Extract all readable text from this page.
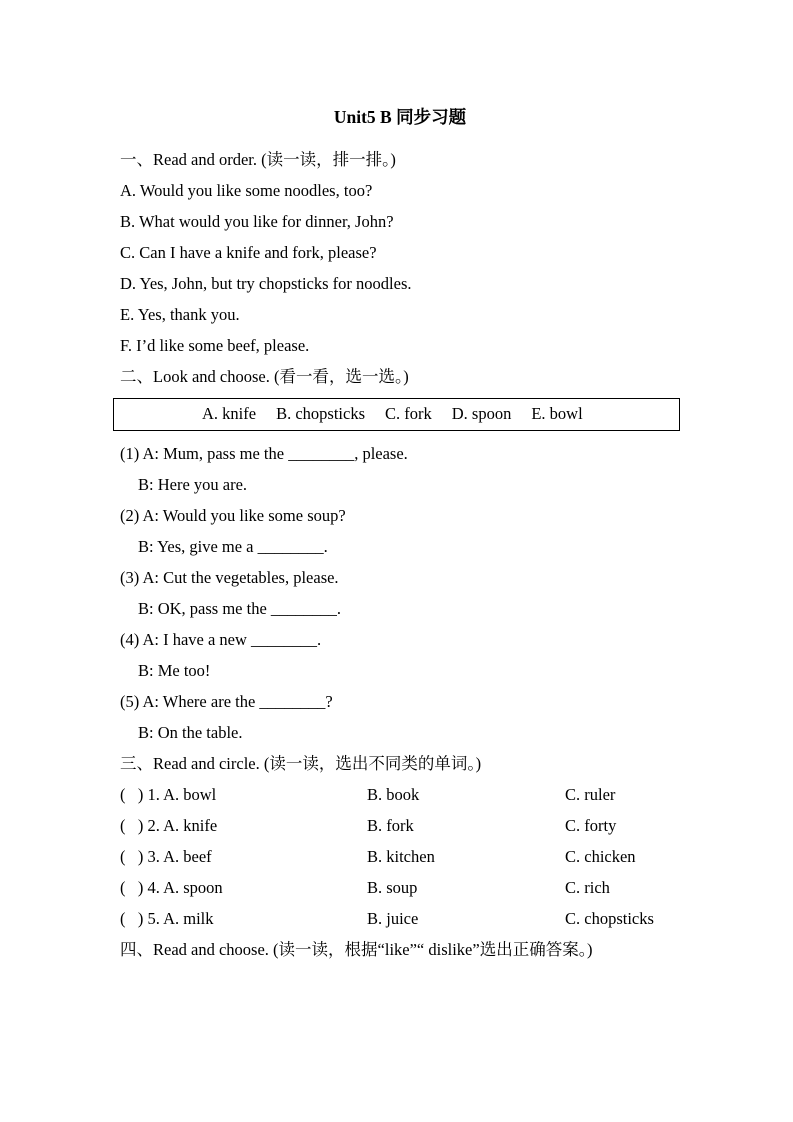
Unit5 B 同步习题

一、Read and order. (读一读，排一排。)

A. Would you like some noodles, too?

B. What would you like for dinner, John?

C. Can I have a knife and fork, please?

D. Yes, John, but try chopsticks for noodles.

E. Yes, thank you.

F. I’d like some beef, please.

二、Look and choose. (看一看，选一选。)

A. knife B. chopsticks C. fork D. spoon E. bowl

(1) A: Mum, pass me the ________, please.

B: Here you are.

(2) A: Would you like some soup?

B: Yes, give me a ________.

(3) A: Cut the vegetables, please.

B: OK, pass me the ________.

(4) A: I have a new ________.

B: Me too!

(5) A: Where are the ________?

B: On the table.

三、Read and circle. (读一读，选出不同类的单词。)

(   ) 1. A. bowl	B. book	C. ruler
(   ) 2. A. knife	B. fork	C. forty
(   ) 3. A. beef	B. kitchen	C. chicken
(   ) 4. A. spoon	B. soup	C. rich
(   ) 5. A. milk	B. juice	C. chopsticks

四、Read and choose. (读一读，根据“like”“ dislike”选出正确答案。)
